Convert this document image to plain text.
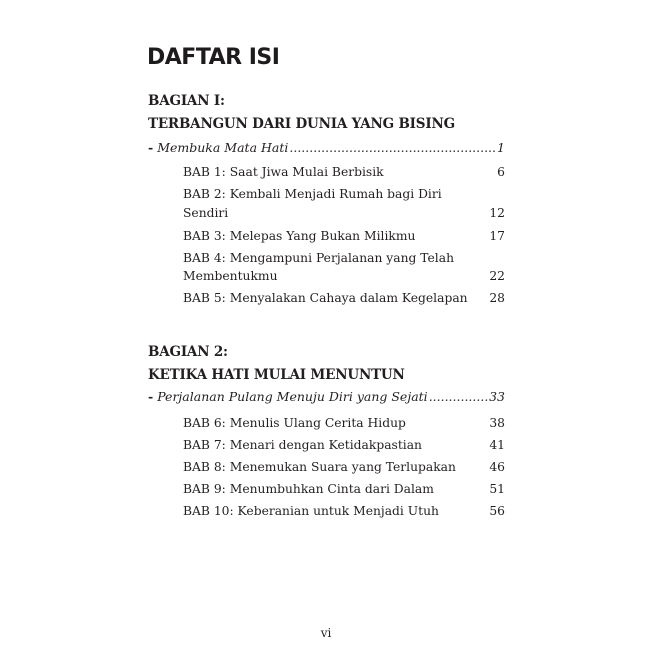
DAFTAR ISI
BAGIAN I:
TERBANGUN DARI DUNIA YANG BISING
- Membuka Mata Hati .....	1
BAB 1: Saat Jiwa Mulai Berbisik	6
BAB 2: Kembali Menjadi Rumah bagi Diri
Sendiri	12
BAB 3: Melepas Yang Bukan Milikmu	17
BAB 4: Mengampuni Perjalanan yang Telah
Membentukmu	22
BAB 5: Menyalakan Cahaya dalam Kegelapan 28
BAGIAN 2:
KETIKA HATI MULAI MENUNTUN
- Perjalanan Pulang Menuju Diri yang Sejati .....	33
BAB 6: Menulis Ulang Cerita Hidup	38
BAB 7: Menari dengan Ketidakpastian	41
BAB 8: Menemukan Suara yang Terlupakan	46
BAB 9: Menumbuhkan Cinta dari Dalam	51
BAB 10: Keberanian untuk Menjadi Utuh	56
vi
